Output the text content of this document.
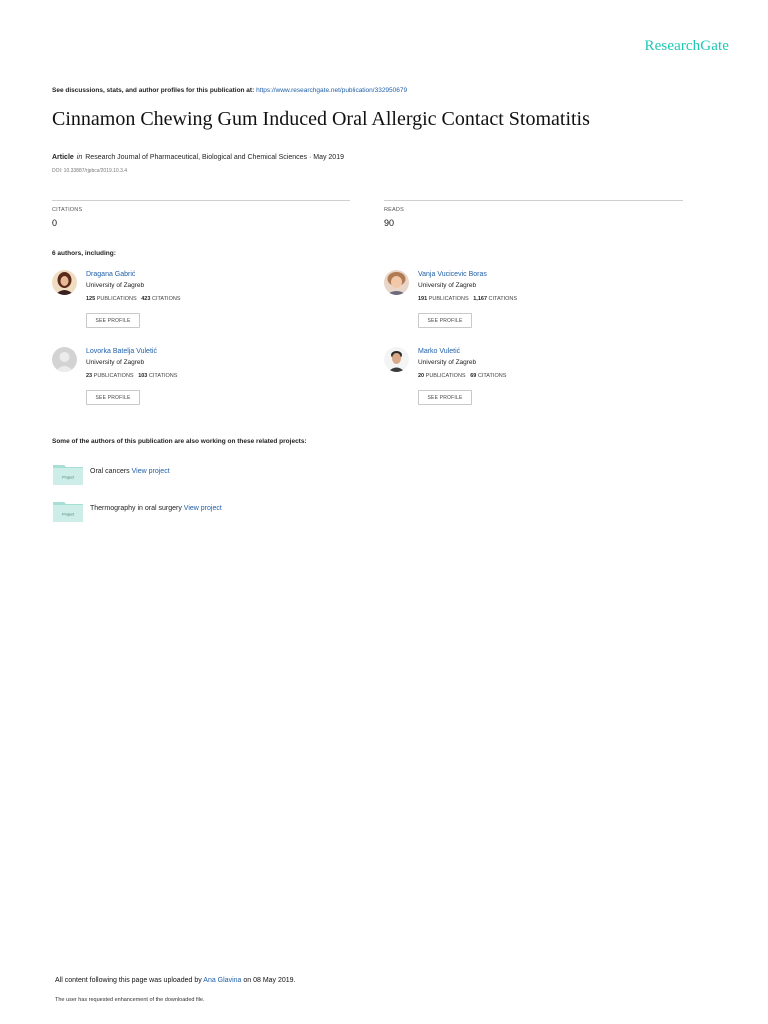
ResearchGate
See discussions, stats, and author profiles for this publication at: https://www.researchgate.net/publication/332950679
Cinnamon Chewing Gum Induced Oral Allergic Contact Stomatitis
Article in Research Journal of Pharmaceutical, Biological and Chemical Sciences · May 2019
DOI: 10.33887/rjpbcs/2019.10.3.4
CITATIONS
0
READS
90
6 authors, including:
Dragana Gabrić
University of Zagreb
125 PUBLICATIONS 423 CITATIONS
SEE PROFILE
Vanja Vucicevic Boras
University of Zagreb
191 PUBLICATIONS 1,167 CITATIONS
SEE PROFILE
Lovorka Batelja Vuletić
University of Zagreb
23 PUBLICATIONS 103 CITATIONS
SEE PROFILE
Marko Vuletić
University of Zagreb
20 PUBLICATIONS 69 CITATIONS
SEE PROFILE
Some of the authors of this publication are also working on these related projects:
Project
Oral cancers View project
Project
Thermography in oral surgery View project
All content following this page was uploaded by Ana Glavina on 08 May 2019.
The user has requested enhancement of the downloaded file.
